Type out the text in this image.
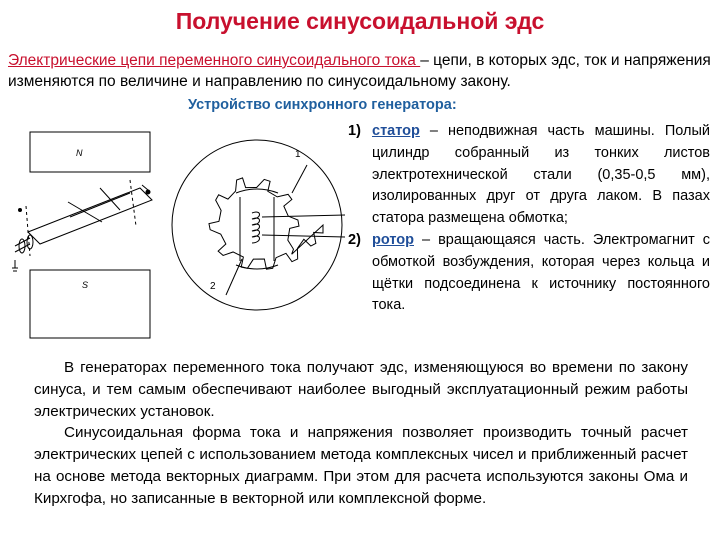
Получение синусоидальной эдс

Электрические цепи переменного синусоидального тока – цепи, в которых эдс, ток и напряжения изменяются по величине и направлению по синусоидальному закону.

Устройство синхронного генератора:

N
S
1
2
1) статор – неподвижная часть машины. Полый цилиндр собранный из тонких листов электротехнической стали (0,35-0,5 мм), изолированных друг от друга лаком. В пазах статора размещена обмотка;
2) ротор – вращающаяся часть. Электромагнит с обмоткой возбуждения, которая через кольца и щётки подсоединена к источнику постоянного тока.

В генераторах переменного тока получают эдс, изменяющуюся во времени по закону синуса, и тем самым обеспечивают наиболее выгодный эксплуатационный режим работы электрических установок.

Синусоидальная форма тока и напряжения позволяет производить точный расчет электрических цепей с использованием метода комплексных чисел и приближенный расчет на основе метода векторных диаграмм. При этом для расчета используются законы Ома и Кирхгофа, но записанные в векторной или комплексной форме.
